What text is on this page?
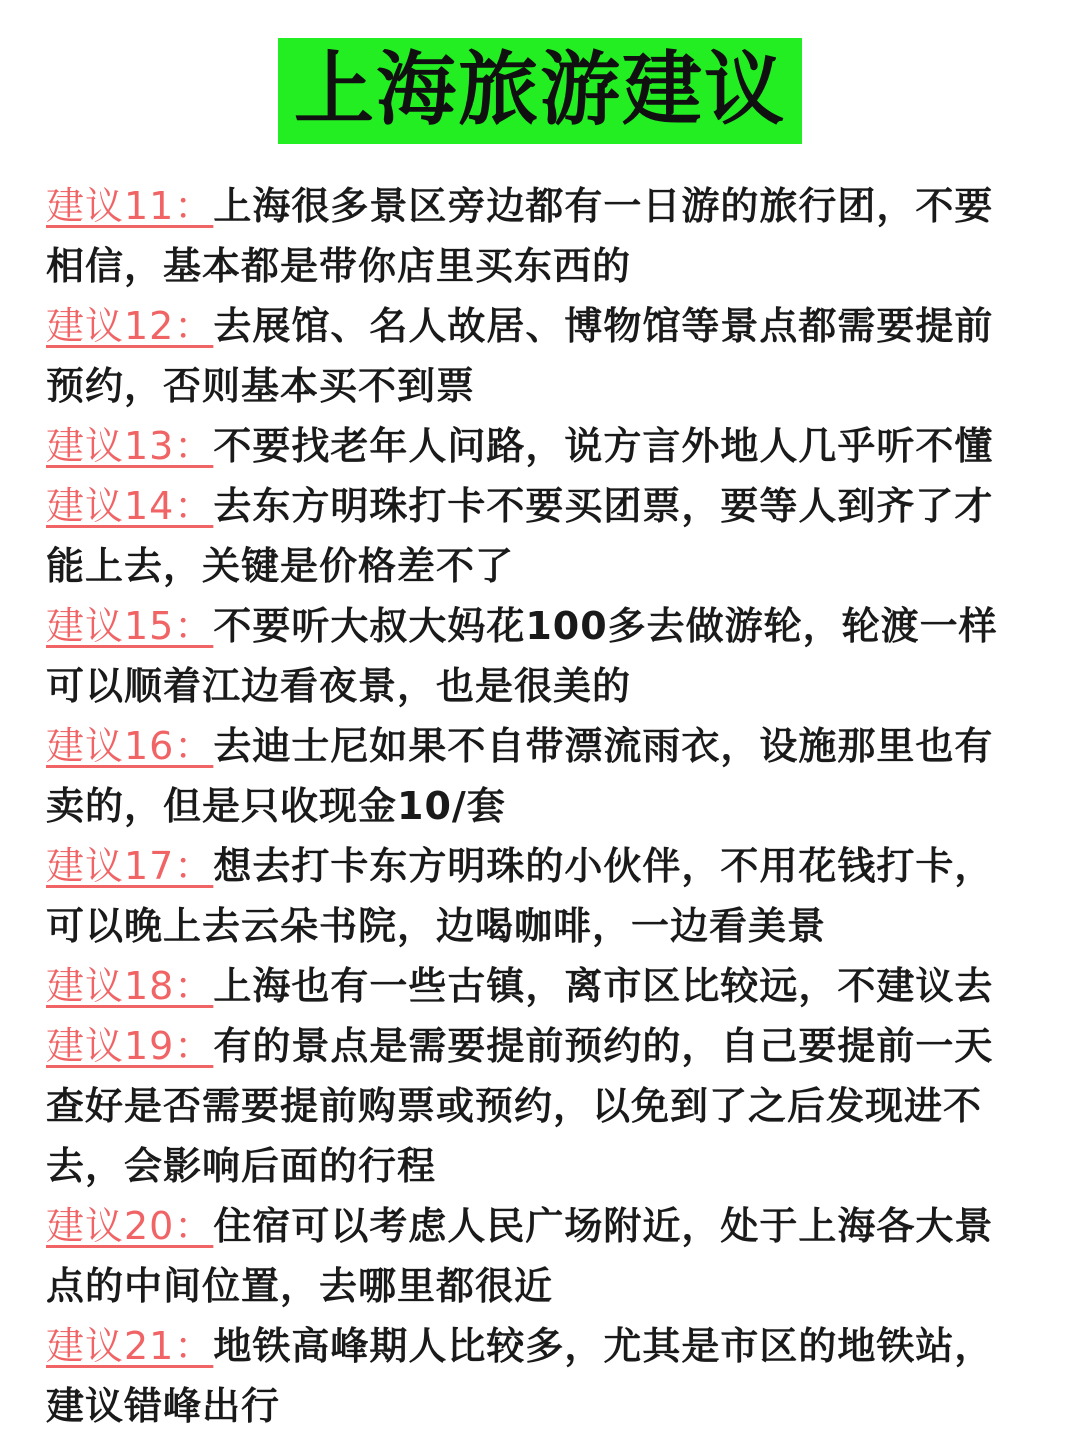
上海旅游建议
建议11：上海很多景区旁边都有一日游的旅行团，不要相信，基本都是带你店里买东西的
建议12：去展馆、名人故居、博物馆等景点都需要提前预约，否则基本买不到票
建议13：不要找老年人问路，说方言外地人几乎听不懂
建议14：去东方明珠打卡不要买团票，要等人到齐了才能上去，关键是价格差不了
建议15：不要听大叔大妈花100多去做游轮，轮渡一样可以顺着江边看夜景，也是很美的
建议16：去迪士尼如果不自带漂流雨衣，设施那里也有卖的，但是只收现金10/套
建议17：想去打卡东方明珠的小伙伴，不用花钱打卡，可以晚上去云朵书院，边喝咖啡，一边看美景
建议18：上海也有一些古镇，离市区比较远，不建议去
建议19：有的景点是需要提前预约的，自己要提前一天查好是否需要提前购票或预约，以免到了之后发现进不去，会影响后面的行程
建议20：住宿可以考虑人民广场附近，处于上海各大景点的中间位置，去哪里都很近
建议21：地铁高峰期人比较多，尤其是市区的地铁站，建议错峰出行
